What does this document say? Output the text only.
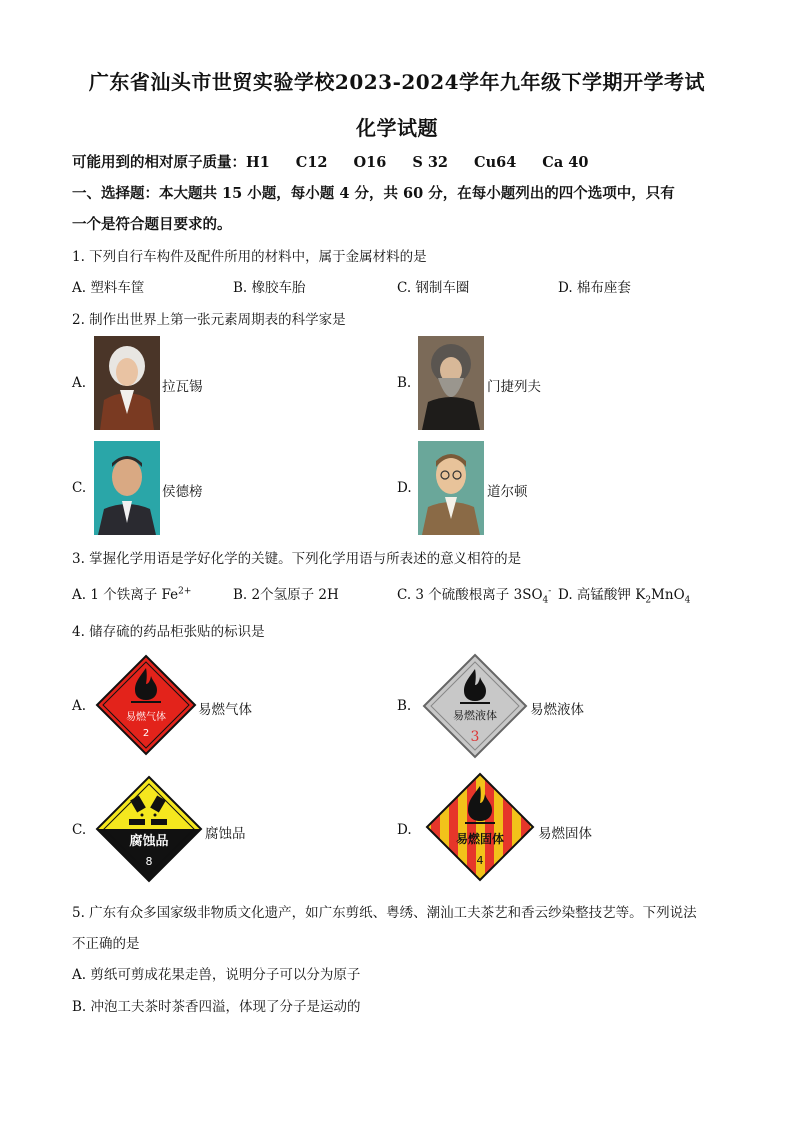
广东省汕头市世贸实验学校2023-2024学年九年级下学期开学考试
化学试题
可能用到的相对原子质量：H1 C12 O16 S 32 Cu64 Ca 40
一、选择题：本大题共 15 小题，每小题 4 分，共 60 分，在每小题列出的四个选项中，只有
一个是符合题目要求的。
1. 下列自行车构件及配件所用的材料中，属于金属材料的是
A. 塑料车筐	B. 橡胶车胎	C. 钢制车圈	D. 棉布座套
2. 制作出世界上第一张元素周期表的科学家是
A.	拉瓦锡	B.	门捷列夫
C.	侯德榜	D.	道尔顿
3. 掌握化学用语是学好化学的关键。下列化学用语与所表述的意义相符的是
A. 1 个铁离子 $Fe^{2+}$	B. 2个氢原子 2H	C. 3 个硫酸根离子 $3SO_4^-$ D. 高锰酸钾 $K_2MnO_4$
4. 储存硫的药品柜张贴的标识是
A.
易燃气体
2
易燃气体	B.
易燃液体
3
易燃液体
C.
腐蚀品
8
腐蚀品	D.
易燃固体
4
易燃固体
5. 广东有众多国家级非物质文化遗产，如广东剪纸、粤绣、潮汕工夫茶艺和香云纱染整技艺等。下列说法
不正确的是
A. 剪纸可剪成花果走兽，说明分子可以分为原子
B. 冲泡工夫茶时茶香四溢，体现了分子是运动的
